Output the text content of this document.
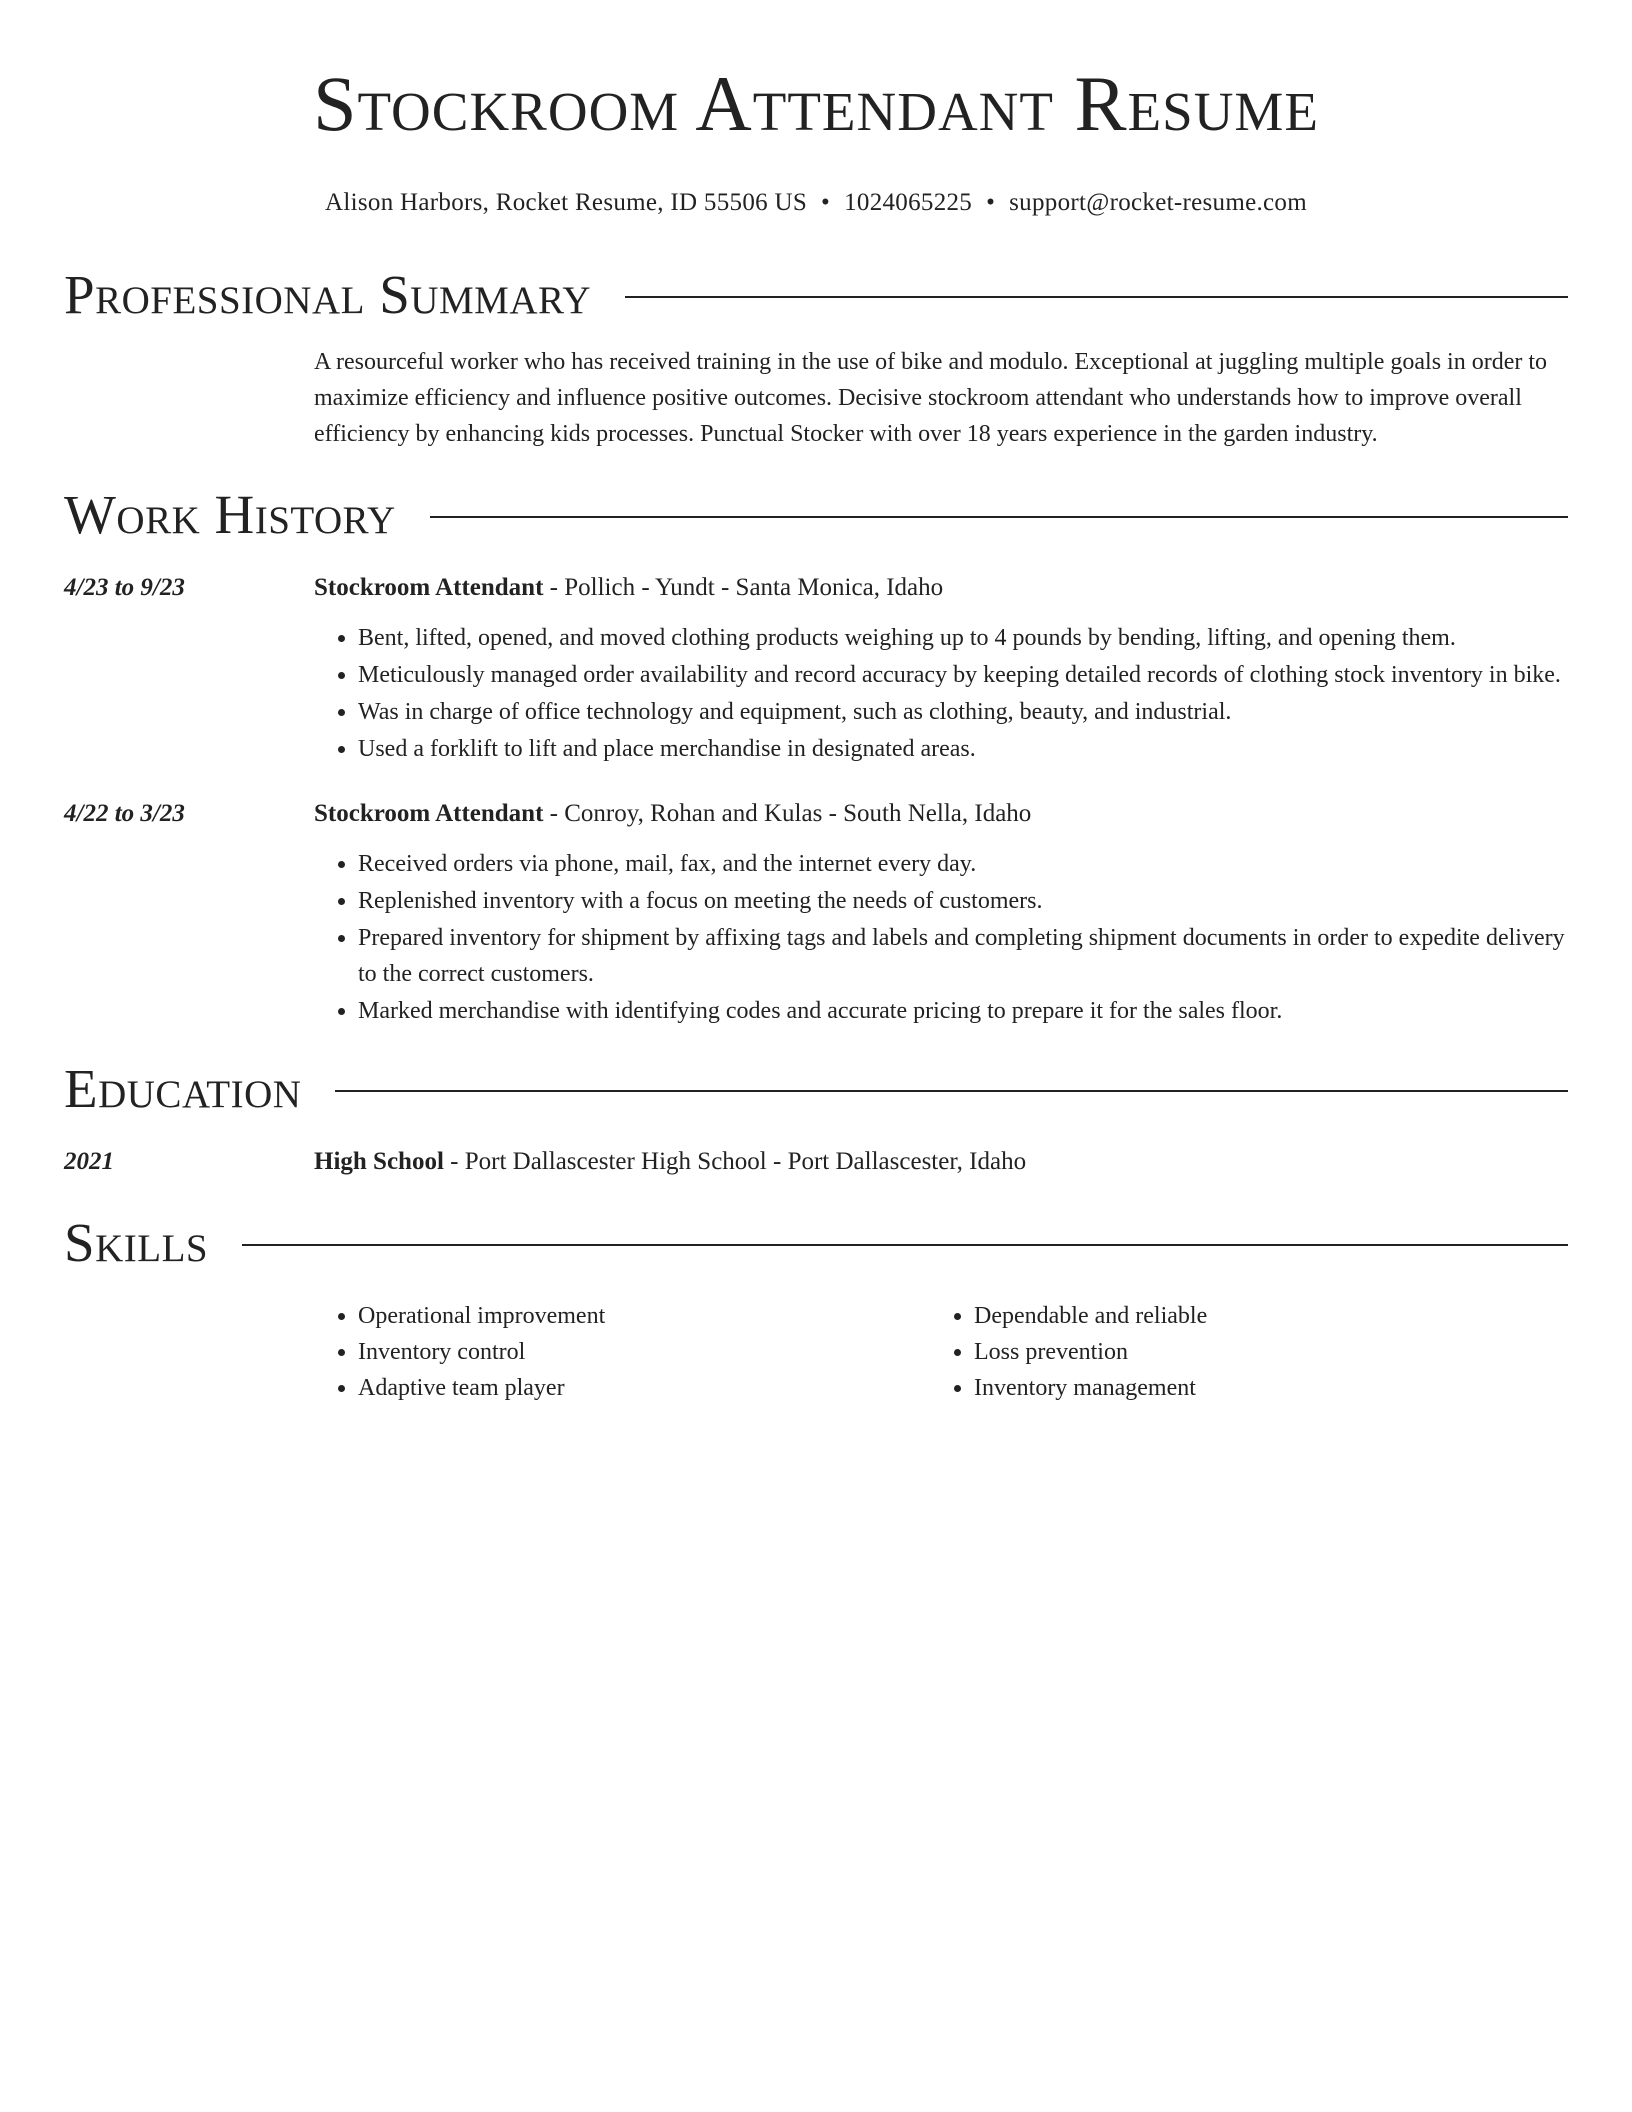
Stockroom Attendant Resume
Alison Harbors, Rocket Resume, ID 55506 US • 1024065225 • support@rocket-resume.com
Professional Summary

A resourceful worker who has received training in the use of bike and modulo. Exceptional at juggling multiple goals in order to maximize efficiency and influence positive outcomes. Decisive stockroom attendant who understands how to improve overall efficiency by enhancing kids processes. Punctual Stocker with over 18 years experience in the garden industry.

Work History
4/23 to 9/23	Stockroom Attendant - Pollich - Yundt - Santa Monica, Idaho
• Bent, lifted, opened, and moved clothing products weighing up to 4 pounds by bending, lifting, and opening them.
• Meticulously managed order availability and record accuracy by keeping detailed records of clothing stock inventory in bike.
• Was in charge of office technology and equipment, such as clothing, beauty, and industrial.
• Used a forklift to lift and place merchandise in designated areas.
4/22 to 3/23	Stockroom Attendant - Conroy, Rohan and Kulas - South Nella, Idaho
• Received orders via phone, mail, fax, and the internet every day.
• Replenished inventory with a focus on meeting the needs of customers.
• Prepared inventory for shipment by affixing tags and labels and completing shipment documents in order to expedite delivery to the correct customers.
• Marked merchandise with identifying codes and accurate pricing to prepare it for the sales floor.
Education
2021	High School - Port Dallascester High School - Port Dallascester, Idaho
Skills
• Operational improvement
• Inventory control
• Adaptive team player
• Dependable and reliable
• Loss prevention
• Inventory management
